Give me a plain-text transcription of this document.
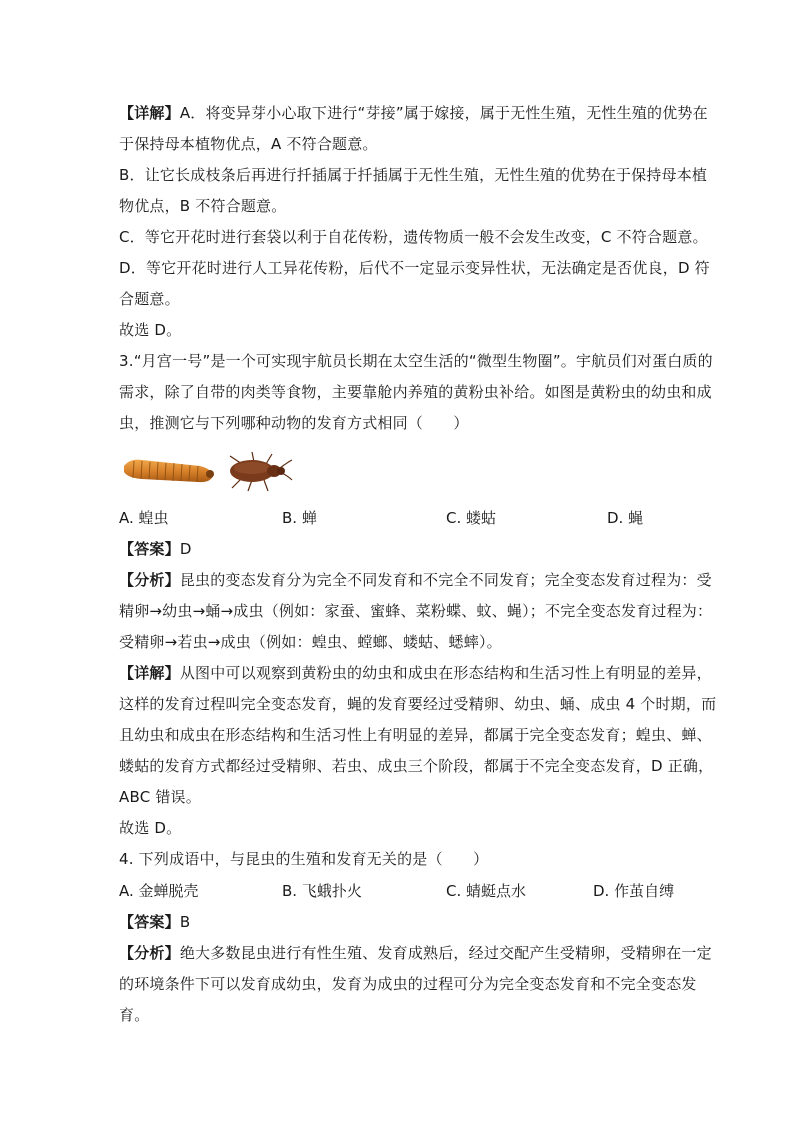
【详解】A．将变异芽小心取下进行“芽接”属于嫁接，属于无性生殖，无性生殖的优势在
于保持母本植物优点，A 不符合题意。
B．让它长成枝条后再进行扦插属于扦插属于无性生殖，无性生殖的优势在于保持母本植
物优点，B 不符合题意。
C．等它开花时进行套袋以利于自花传粉，遗传物质一般不会发生改变，C 不符合题意。
D．等它开花时进行人工异花传粉，后代不一定显示变异性状，无法确定是否优良，D 符
合题意。
故选 D。
3.“月宫一号”是一个可实现宇航员长期在太空生活的“微型生物圈”。宇航员们对蛋白质的
需求，除了自带的肉类等食物，主要靠舱内养殖的黄粉虫补给。如图是黄粉虫的幼虫和成
虫，推测它与下列哪种动物的发育方式相同（　　）
A. 蝗虫	B. 蝉	C. 蝼蛄	D. 蝇
【答案】D
【分析】昆虫的变态发育分为完全不同发育和不完全不同发育；完全变态发育过程为：受
精卵→幼虫→蛹→成虫（例如：家蚕、蜜蜂、菜粉蝶、蚊、蝇）；不完全变态发育过程为：
受精卵→若虫→成虫（例如：蝗虫、螳螂、蝼蛄、蟋蟀）。
【详解】从图中可以观察到黄粉虫的幼虫和成虫在形态结构和生活习性上有明显的差异，
这样的发育过程叫完全变态发育，蝇的发育要经过受精卵、幼虫、蛹、成虫 4 个时期，而
且幼虫和成虫在形态结构和生活习性上有明显的差异，都属于完全变态发育；蝗虫、蝉、
蝼蛄的发育方式都经过受精卵、若虫、成虫三个阶段，都属于不完全变态发育，D 正确，
ABC 错误。
故选 D。
4. 下列成语中，与昆虫的生殖和发育无关的是（　　）
A. 金蝉脱壳	B. 飞蛾扑火	C. 蜻蜓点水	D. 作茧自缚
【答案】B
【分析】绝大多数昆虫进行有性生殖、发育成熟后，经过交配产生受精卵，受精卵在一定
的环境条件下可以发育成幼虫，发育为成虫的过程可分为完全变态发育和不完全变态发
育。
